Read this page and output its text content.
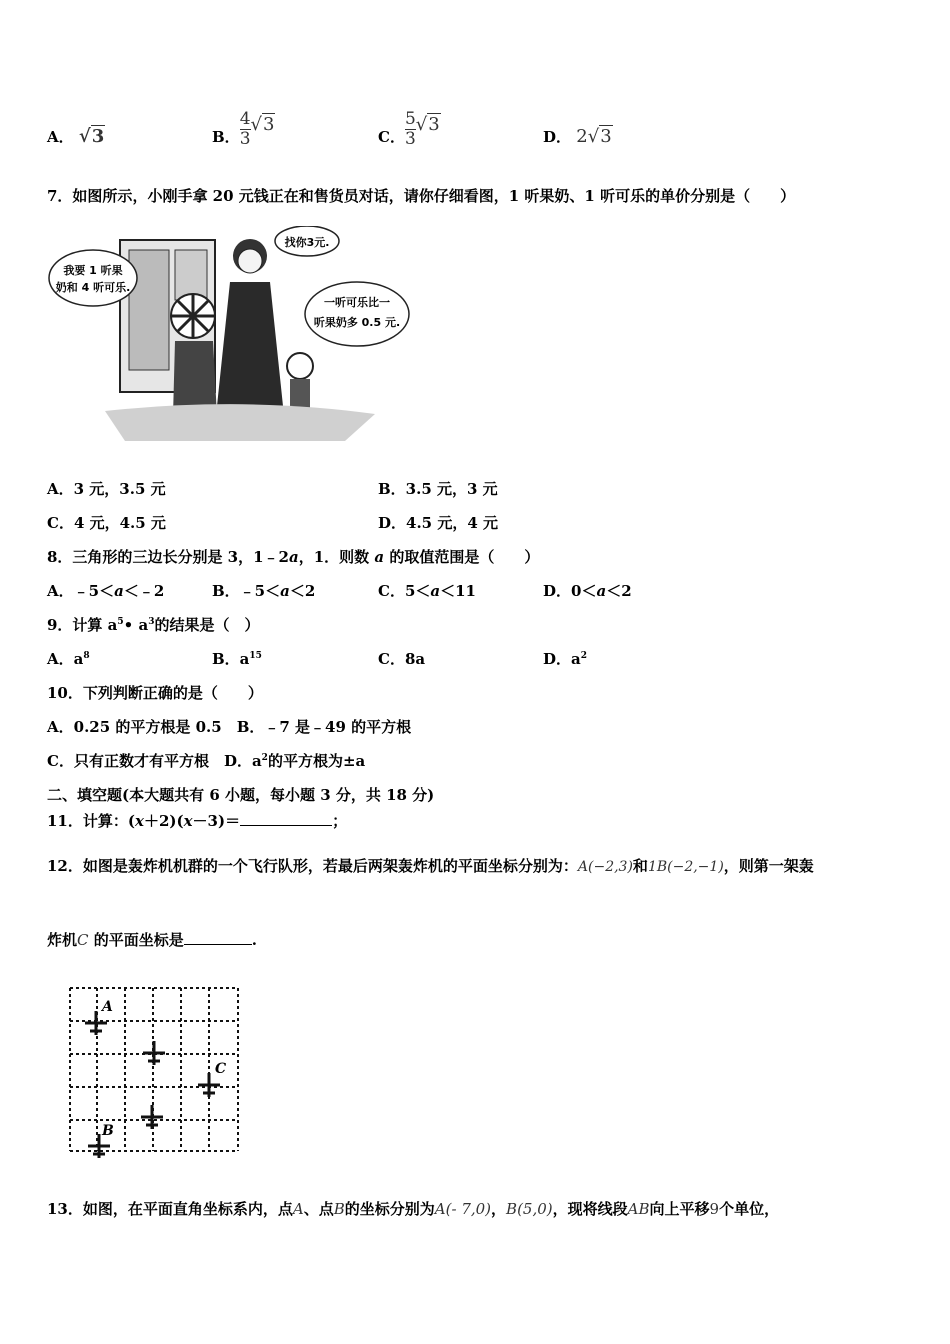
A． √3	B． $\frac{4}{3} √3$
C． $\frac{5}{3} √3$
D． 2√3
7．如图所示，小刚手拿 20 元钱正在和售货员对话，请你仔细看图，1 听果奶、1 听可乐的单价分别是（　　）
我要 1 听果
奶和 4 听可乐.
找你3元.
一听可乐比一
听果奶多 0.5 元.
A．3 元，3.5 元	B．3.5 元，3 元
C．4 元，4.5 元	D．4.5 元，4 元
8．三角形的三边长分别是 3，1﹣2a，1．则数 a 的取值范围是（　　）
A．﹣5＜a＜﹣2	B．﹣5＜a＜2	C．5＜a＜11	D．0＜a＜2
9．计算 $a^5•$ $a^3$的结果是（　）
A．$a^8$	B．$a^{15}$	C．8a	D．$a^2$
10．下列判断正确的是（　　）
A．0.25 的平方根是 0.5　B．﹣7 是﹣49 的平方根
C．只有正数才有平方根　D．$a^2$的平方根为±a
二、填空题(本大题共有 6 小题，每小题 3 分，共 18 分)
11．计算：(x＋2)(x－3)＝	；
12．如图是轰炸机机群的一个飞行队形，若最后两架轰炸机的平面坐标分别为：A(−2,3)和1B(−2,−1)，则第一架轰
炸机C 的平面坐标是	.
A
C
B
13．如图，在平面直角坐标系内，点A、点B的坐标分别为A(- 7,0)，B(5,0)，现将线段AB向上平移9个单位，
